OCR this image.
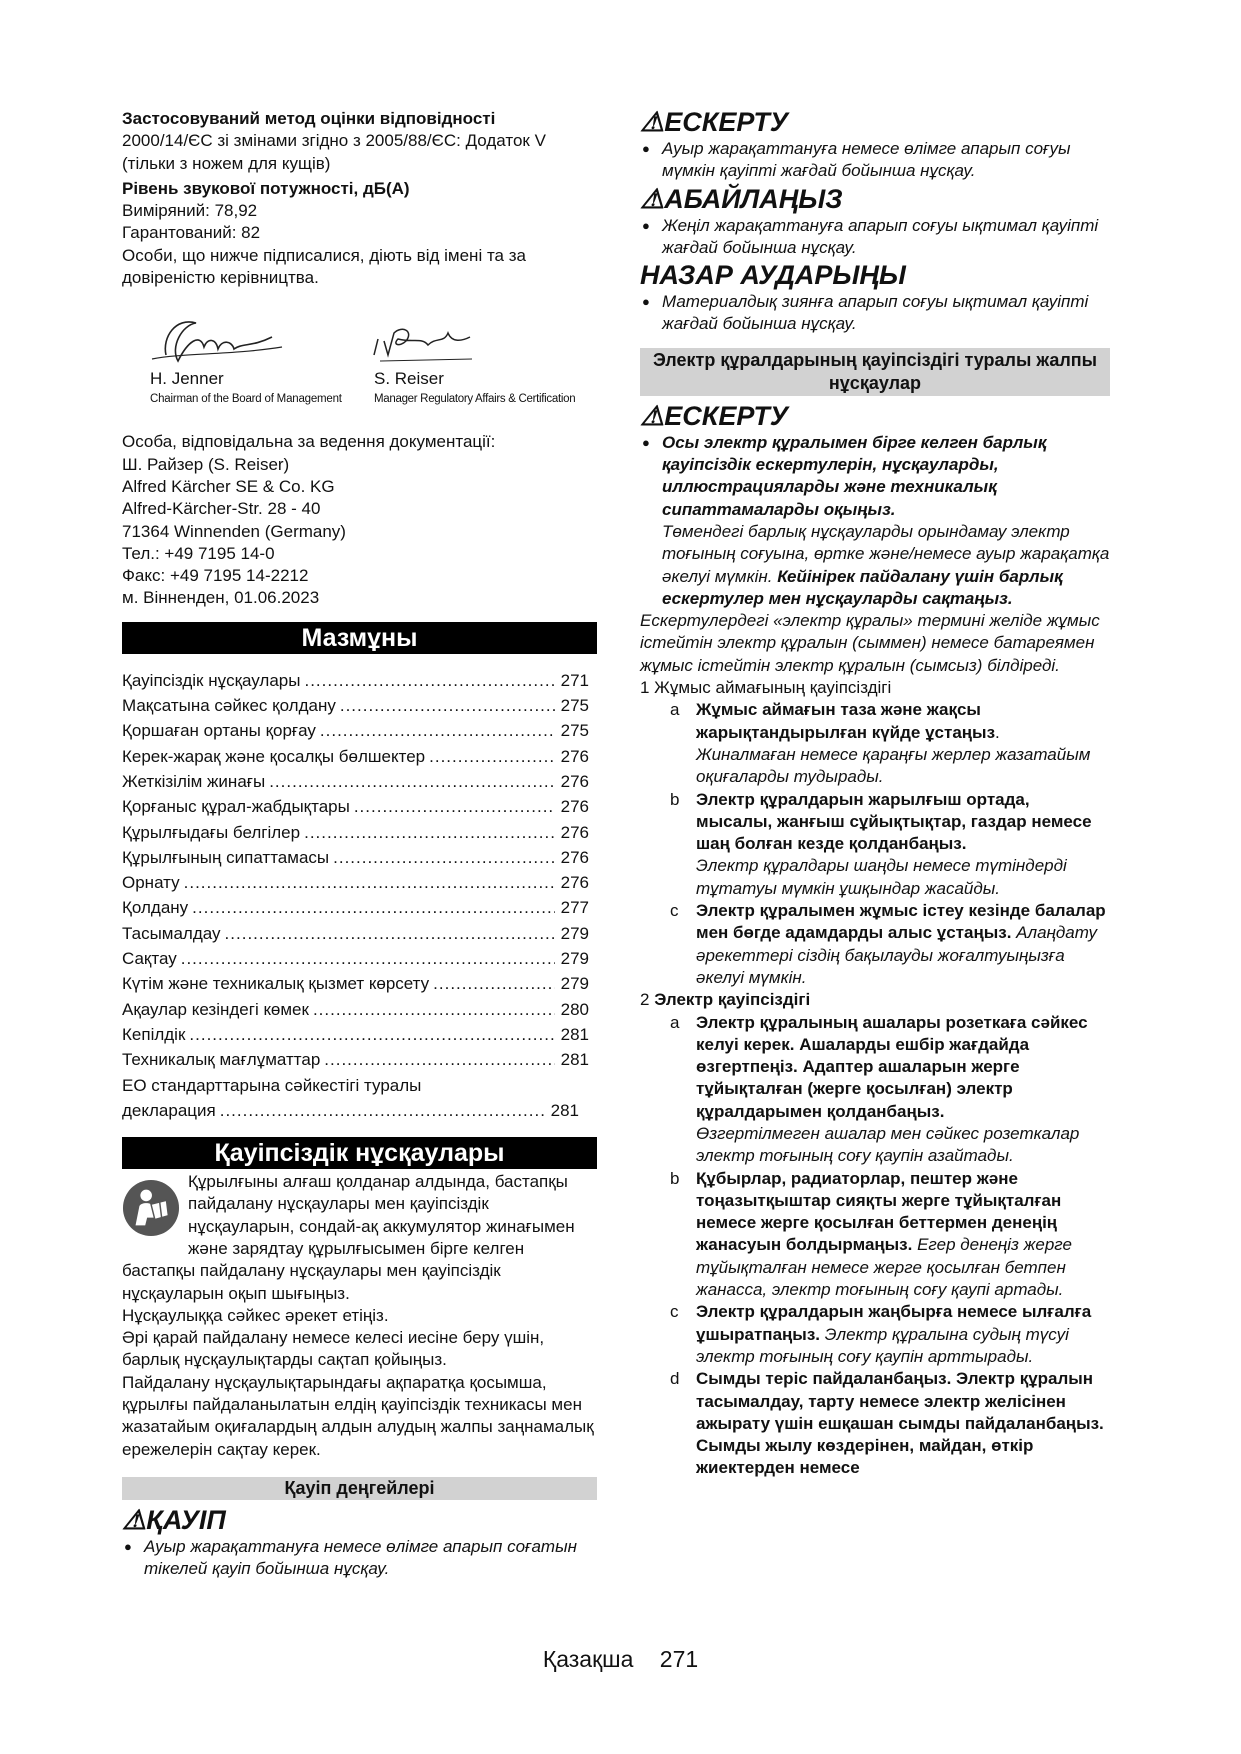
Застосовуваний метод оцінки відповідності

2000/14/ЄС зі змінами згідно з 2005/88/ЄС: Додаток V (тільки з ножем для кущів)

Рівень звукової потужності, дБ(А)

Виміряний: 78,92

Гарантований: 82

Особи, що нижче підписалися, діють від імені та за довіреністю керівництва.

H. Jenner
Chairman of the Board of Management
S. Reiser
Manager Regulatory Affairs & Certification

Особа, відповідальна за ведення документації:

Ш. Райзер (S. Reiser)

Alfred Kärcher SE & Co. KG

Alfred-Kärcher-Str. 28 - 40

71364 Winnenden (Germany)

Тел.: +49 7195 14-0

Факс: +49 7195 14-2212

м. Вінненден, 01.06.2023

Мазмұны
Қауіпсіздік нұсқаулары .....	271
Мақсатына сәйкес қолдану .....	275
Қоршаған ортаны қорғау .....	275
Керек-жарақ және қосалқы бөлшектер .....	276
Жеткізілім жинағы .....	276
Қорғаныс құрал-жабдықтары .....	276
Құрылғыдағы белгілер .....	276
Құрылғының сипаттамасы .....	276
Орнату .....	276
Қолдану .....	277
Тасымалдау .....	279
Сақтау .....	279
Күтім және техникалық қызмет көрсету .....	279
Ақаулар кезіндегі көмек .....	280
Кепілдік .....	281
Техникалық мағлұматтар .....	281
ЕО стандарттарына сәйкестігі туралы
декларация .....	281
Қауіпсіздік нұсқаулары

Құрылғыны алғаш қолданар алдында, бастапқы пайдалану нұсқаулары мен қауіпсіздік нұсқауларын, сондай-ақ аккумулятор жинағымен және зарядтау құрылғысымен бірге келген бастапқы пайдалану нұсқаулары мен қауіпсіздік нұсқауларын оқып шығыңыз.

Нұсқаулыққа сәйкес әрекет етіңіз.

Әрі қарай пайдалану немесе келесі иесіне беру үшін, барлық нұсқаулықтарды сақтап қойыңыз.

Пайдалану нұсқаулықтарындағы ақпаратқа қосымша, құрылғы пайдаланылатын елдің қауіпсіздік техникасы мен жазатайым оқиғалардың алдын алудың жалпы заңнамалық ережелерін сақтау керек.

Қауіп деңгейлері
⚠ҚАУІП

● Ауыр жарақаттануға немесе өлімге апарып соғатын тікелей қауіп бойынша нұсқау.

⚠ЕСКЕРТУ

● Ауыр жарақаттануға немесе өлімге апарып соғуы мүмкін қауіпті жағдай бойынша нұсқау.

⚠АБАЙЛАҢЫЗ

● Жеңіл жарақаттануға апарып соғуы ықтимал қауіпті жағдай бойынша нұсқау.

НАЗАР АУДАРЫҢЫ

● Материалдық зиянға апарып соғуы ықтимал қауіпті жағдай бойынша нұсқау.

Электр құралдарының қауіпсіздігі туралы жалпы нұсқаулар
⚠ЕСКЕРТУ
● Осы электр құралымен бірге келген барлық қауіпсіздік ескертулерін, нұсқауларды, иллюстрацияларды және техникалық сипаттамаларды оқыңыз.
Төмендегі барлық нұсқауларды орындамау электр тоғының соғуына, өртке және/немесе ауыр жарақатқа әкелуі мүмкін. Кейінірек пайдалану үшін барлық ескертулер мен нұсқауларды сақтаңыз.

Ескертулердегі «электр құралы» термині желіде жұмыс істейтін электр құралын (сыммен) немесе батареямен жұмыс істейтін электр құралын (сымсыз) білдіреді.

1 Жұмыс аймағының қауіпсіздігі

a Жұмыс аймағын таза және жақсы жарықтандырылған күйде ұстаңыз.
Жиналмаған немесе қараңғы жерлер жазатайым оқиғаларды тудырады.
b Электр құралдарын жарылғыш ортада, мысалы, жанғыш сұйықтықтар, газдар немесе шаң болған кезде қолданбаңыз.
Электр құралдары шаңды немесе түтіндерді тұтатуы мүмкін ұшқындар жасайды.
c Электр құралымен жұмыс істеу кезінде балалар мен бөгде адамдарды алыс ұстаңыз. Алаңдату әрекеттері сіздің бақылауды жоғалтуыңызға әкелуі мүмкін.

2 Электр қауіпсіздігі

a Электр құралының ашалары розеткаға сәйкес келуі керек. Ашаларды ешбір жағдайда өзгертпеңіз. Адаптер ашаларын жерге тұйықталған (жерге қосылған) электр құралдарымен қолданбаңыз.
Өзгертілмеген ашалар мен сәйкес розеткалар электр тоғының соғу қаупін азайтады.
b Құбырлар, радиаторлар, пештер және тоңазытқыштар сияқты жерге тұйықталған немесе жерге қосылған беттермен денеңің жанасуын болдырмаңыз. Егер денеңіз жерге тұйықталған немесе жерге қосылған бетпен жанасса, электр тоғының соғу қаупі артады.
c Электр құралдарын жаңбырға немесе ылғалға ұшыратпаңыз. Электр құралына судың түсуі электр тоғының соғу қаупін арттырады.
d Сымды теріс пайдаланбаңыз. Электр құралын тасымалдау, тарту немесе электр желісінен ажырату үшін ешқашан сымды пайдаланбаңыз. Сымды жылу көздерінен, майдан, өткір жиектерден немесе
Қазақша 271
